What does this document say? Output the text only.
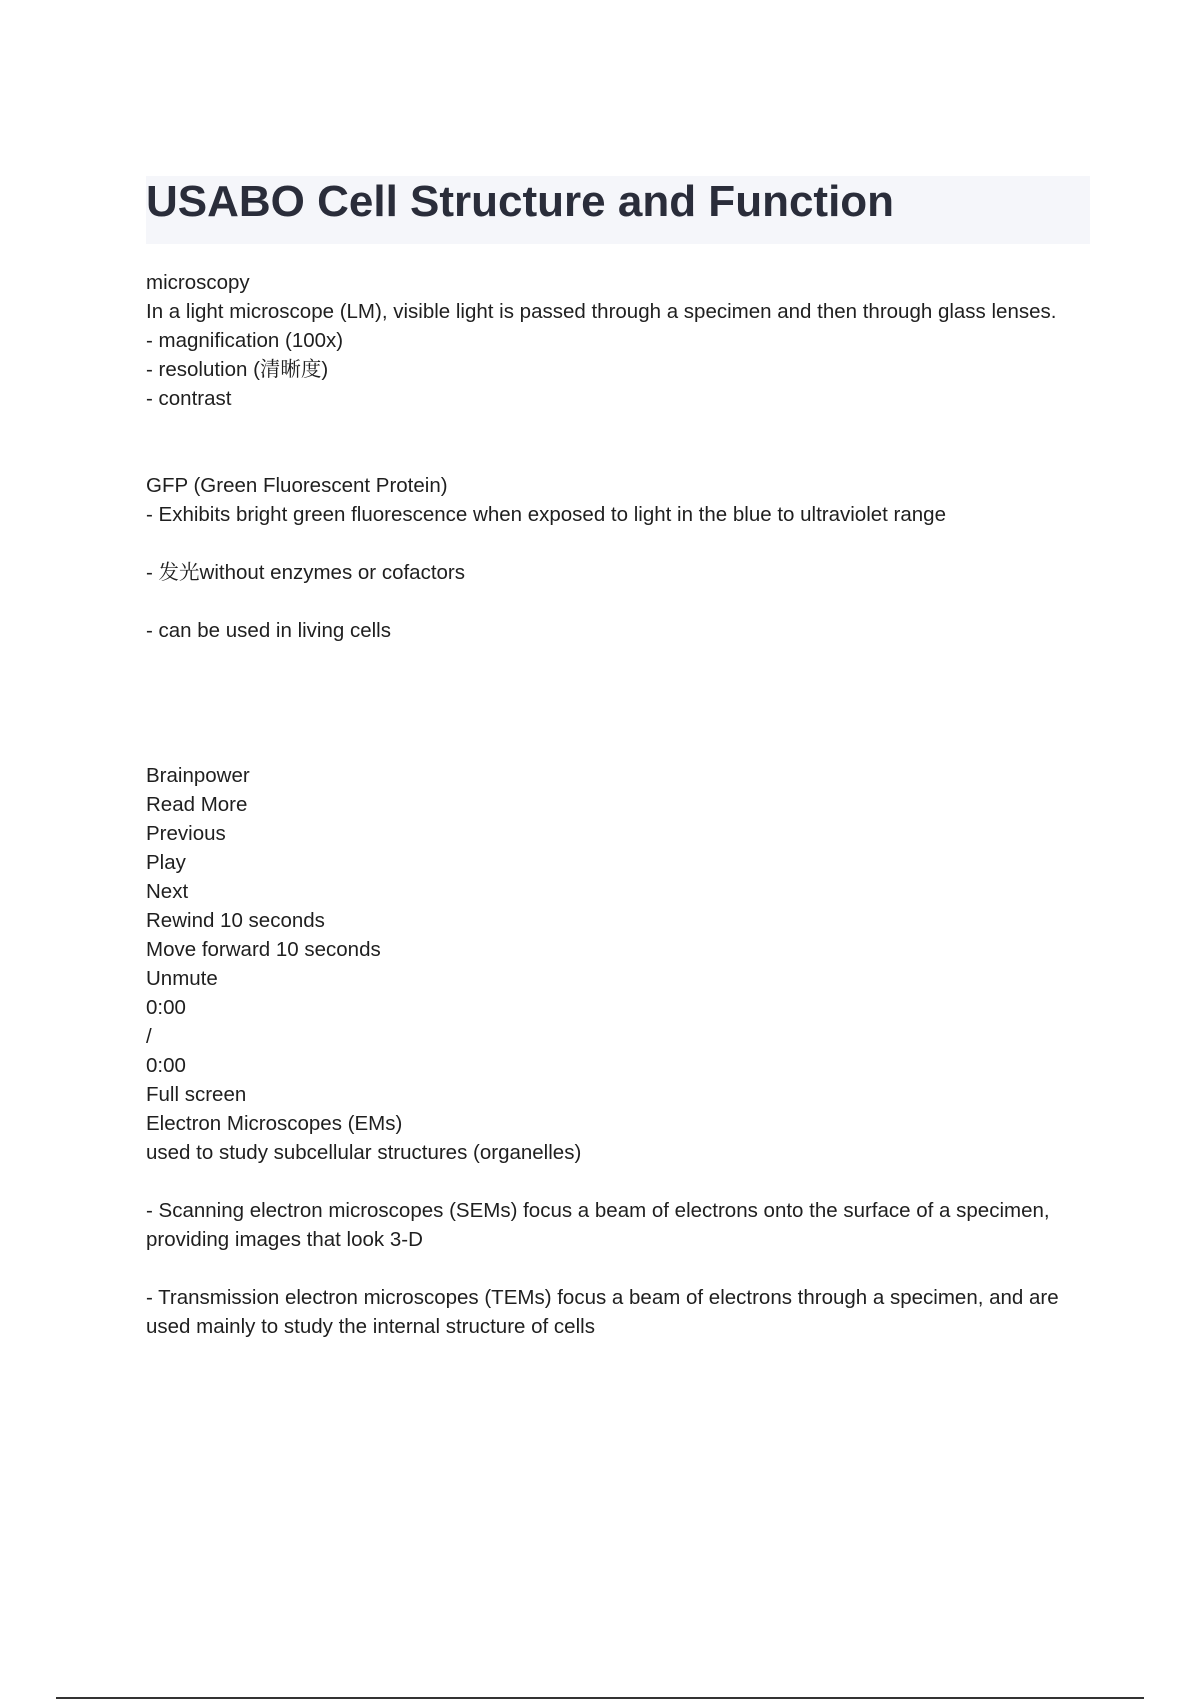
USABO Cell Structure and Function

microscopy

In a light microscope (LM), visible light is passed through a specimen and then through glass lenses.

- magnification (100x)

- resolution (清晰度)

- contrast

GFP (Green Fluorescent Protein)

- Exhibits bright green fluorescence when exposed to light in the blue to ultraviolet range

- 发光without enzymes or cofactors

- can be used in living cells

Brainpower

Read More

Previous

Play

Next

Rewind 10 seconds

Move forward 10 seconds

Unmute

0:00

/

0:00

Full screen

Electron Microscopes (EMs)

used to study subcellular structures (organelles)

- Scanning electron microscopes (SEMs) focus a beam of electrons onto the surface of a specimen, providing images that look 3-D

- Transmission electron microscopes (TEMs) focus a beam of electrons through a specimen, and are used mainly to study the internal structure of cells
